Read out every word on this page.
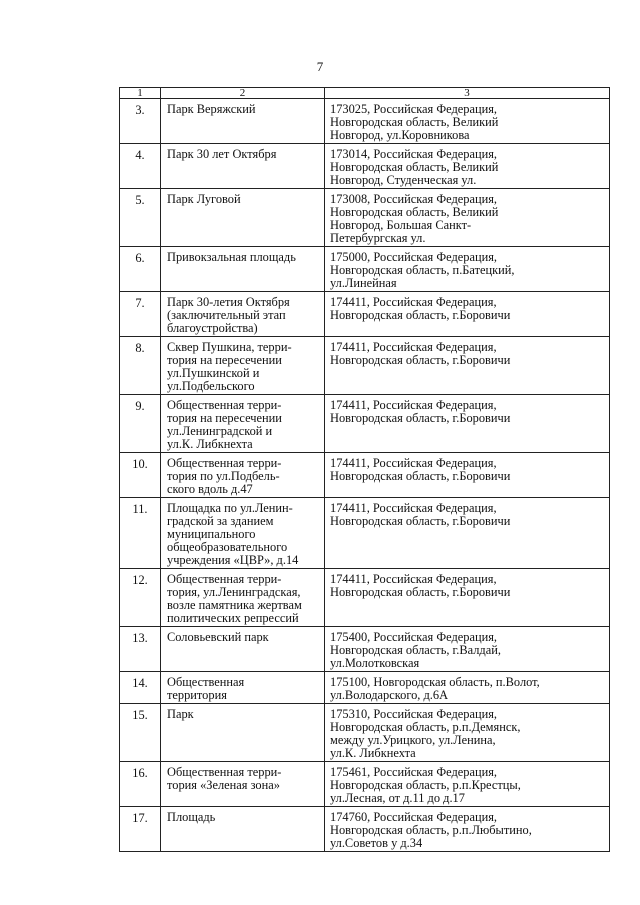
7
1	2	3
3.	Парк Веряжский	173025, Российская Федерация,
Новгородская область, Великий
Новгород, ул.Коровникова
4.	Парк 30 лет Октября	173014, Российская Федерация,
Новгородская область, Великий
Новгород, Студенческая ул.
5.	Парк Луговой	173008, Российская Федерация,
Новгородская область, Великий
Новгород, Большая Санкт-
Петербургская ул.
6.	Привокзальная площадь	175000, Российская Федерация,
Новгородская область, п.Батецкий,
ул.Линейная
7.	Парк 30-летия Октября
(заключительный этап
благоустройства)	174411, Российская Федерация,
Новгородская область, г.Боровичи
8.	Сквер Пушкина, терри-
тория на пересечении
ул.Пушкинской и
ул.Подбельского	174411, Российская Федерация,
Новгородская область, г.Боровичи
9.	Общественная терри-
тория на пересечении
ул.Ленинградской и
ул.К. Либкнехта	174411, Российская Федерация,
Новгородская область, г.Боровичи
10.	Общественная терри-
тория по ул.Подбель-
ского вдоль д.47	174411, Российская Федерация,
Новгородская область, г.Боровичи
11.	Площадка по ул.Ленин-
градской за зданием
муниципального
общеобразовательного
учреждения «ЦВР», д.14	174411, Российская Федерация,
Новгородская область, г.Боровичи
12.	Общественная терри-
тория, ул.Ленинградская,
возле памятника жертвам
политических репрессий	174411, Российская Федерация,
Новгородская область, г.Боровичи
13.	Соловьевский парк	175400, Российская Федерация,
Новгородская область, г.Валдай,
ул.Молотковская
14.	Общественная
территория	175100, Новгородская область, п.Волот,
ул.Володарского, д.6А
15.	Парк	175310, Российская Федерация,
Новгородская область, р.п.Демянск,
между ул.Урицкого, ул.Ленина,
ул.К. Либкнехта
16.	Общественная терри-
тория «Зеленая зона»	175461, Российская Федерация,
Новгородская область, р.п.Крестцы,
ул.Лесная, от д.11 до д.17
17.	Площадь	174760, Российская Федерация,
Новгородская область, р.п.Любытино,
ул.Советов у д.34
